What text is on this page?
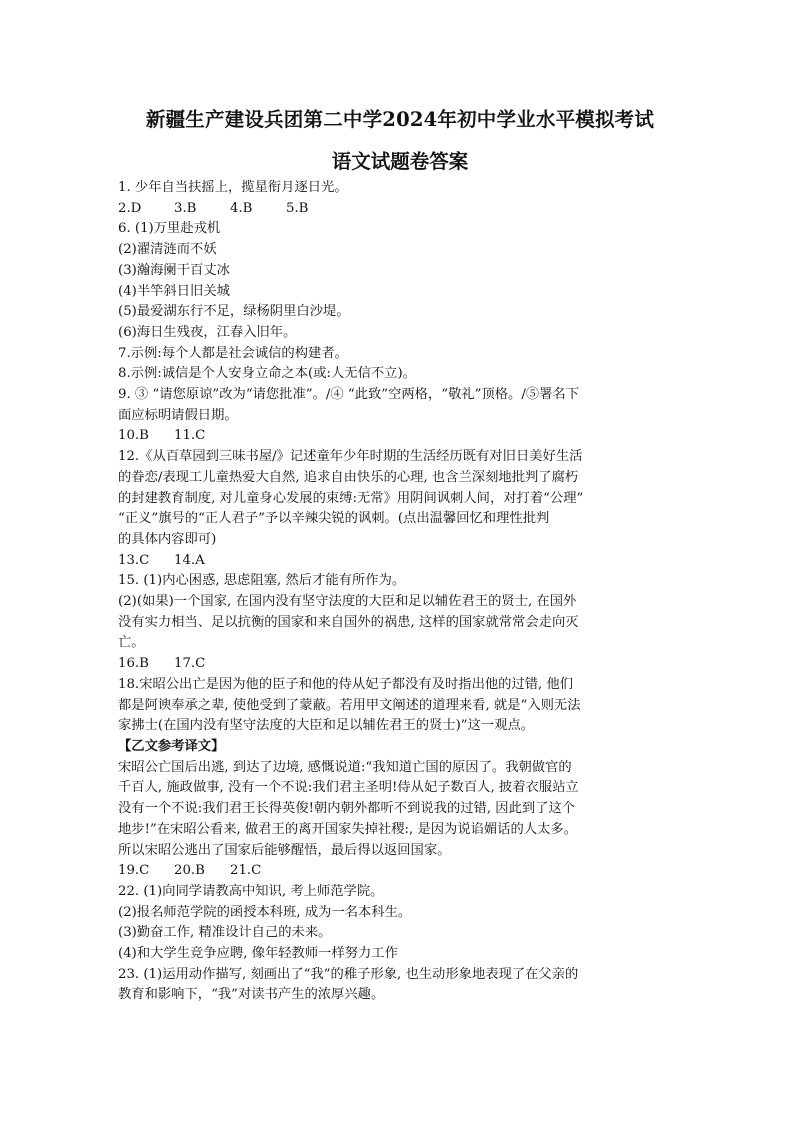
新疆生产建设兵团第二中学2024年初中学业水平模拟考试
语文试题卷答案
1. 少年自当扶摇上，揽星衔月逐日光。
2.D 3.B	4.B	5.B
6. (1)万里赴戎机
(2)濯清涟而不妖
(3)瀚海阑干百丈冰
(4)半竿斜日旧关城
(5)最爱湖东行不足，绿杨阴里白沙堤。
(6)海日生残夜，江春入旧年。
7.示例:每个人都是社会诚信的构建者。
8.示例:诚信是个人安身立命之本(或:人无信不立)。
9. ③ “请您原谅”改为“请您批准”。/④ “此致”空两格，“敬礼”顶格。/⑤署名下
面应标明请假日期。
10.B 11.C
12.《从百草园到三味书屋/》记述童年少年时期的生活经历既有对旧日美好生活
的眷恋/表现工儿童热爱大自然, 追求自由快乐的心理, 也含兰深刻地批判了腐朽
的封建教育制度, 对儿童身心发展的束缚:无常》用阴间讽刺人间，对打着“公理”
“正义”旗号的“正人君子”予以辛辣尖锐的讽刺。(点出温馨回忆和理性批判
的具体内容即可)
13.C 14.A
15. (1)内心困惑, 思虑阻塞, 然后才能有所作为。
(2)(如果)一个国家, 在国内没有坚守法度的大臣和足以辅佐君王的贤士, 在国外
没有实力相当、足以抗衡的国家和来自国外的祸患, 这样的国家就常常会走向灭
亡。
16.B 17.C
18.宋昭公出亡是因为他的臣子和他的侍从妃子都没有及时指出他的过错, 他们
都是阿谀奉承之辈, 使他受到了蒙蔽。若用甲文阐述的道理来看, 就是“入则无法
家拂士(在国内没有坚守法度的大臣和足以辅佐君王的贤士)”这一观点。
【乙文参考译文】
宋昭公亡国后出逃, 到达了边境, 感慨说道:“我知道亡国的原因了。我朝做官的
千百人, 施政做事, 没有一个不说:我们君主圣明!侍从妃子数百人, 披着衣服站立
没有一个不说:我们君王长得英俊!朝内朝外都听不到说我的过错, 因此到了这个
地步!”在宋昭公看来, 做君王的离开国家失掉社稷:, 是因为说谄媚话的人太多。
所以宋昭公逃出了国家后能够醒悟，最后得以返回国家。
19.C 20.B 21.C
22. (1)向同学请教高中知识, 考上师范学院。
(2)报名师范学院的函授本科班, 成为一名本科生。
(3)勤奋工作, 精准设计自己的未来。
(4)和大学生竞争应聘, 像年轻教师一样努力工作
23. (1)运用动作描写, 刻画出了“我”的稚子形象, 也生动形象地表现了在父亲的
教育和影响下，“我”对读书产生的浓厚兴趣。
